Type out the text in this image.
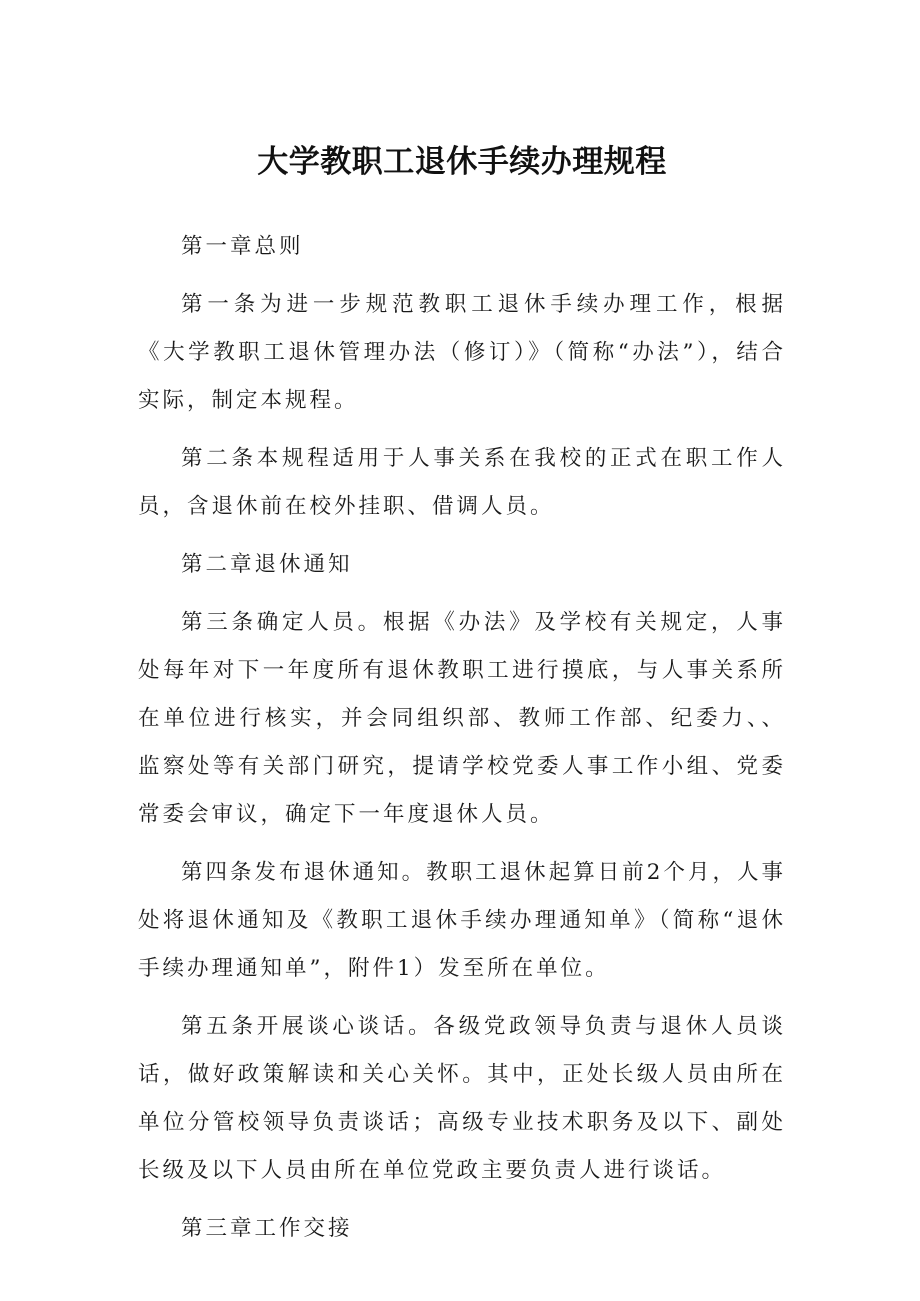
大学教职工退休手续办理规程

第一章总则

第一条为进一步规范教职工退休手续办理工作，根据《大学教职工退休管理办法（修订）》（简称“办法”），结合实际，制定本规程。

第二条本规程适用于人事关系在我校的正式在职工作人员，含退休前在校外挂职、借调人员。

第二章退休通知

第三条确定人员。根据《办法》及学校有关规定，人事处每年对下一年度所有退休教职工进行摸底，与人事关系所在单位进行核实，并会同组织部、教师工作部、纪委力、、监察处等有关部门研究，提请学校党委人事工作小组、党委常委会审议，确定下一年度退休人员。

第四条发布退休通知。教职工退休起算日前2个月，人事处将退休通知及《教职工退休手续办理通知单》（简称“退休手续办理通知单”，附件1）发至所在单位。

第五条开展谈心谈话。各级党政领导负责与退休人员谈话，做好政策解读和关心关怀。其中，正处长级人员由所在单位分管校领导负责谈话；高级专业技术职务及以下、副处长级及以下人员由所在单位党政主要负责人进行谈话。

第三章工作交接
